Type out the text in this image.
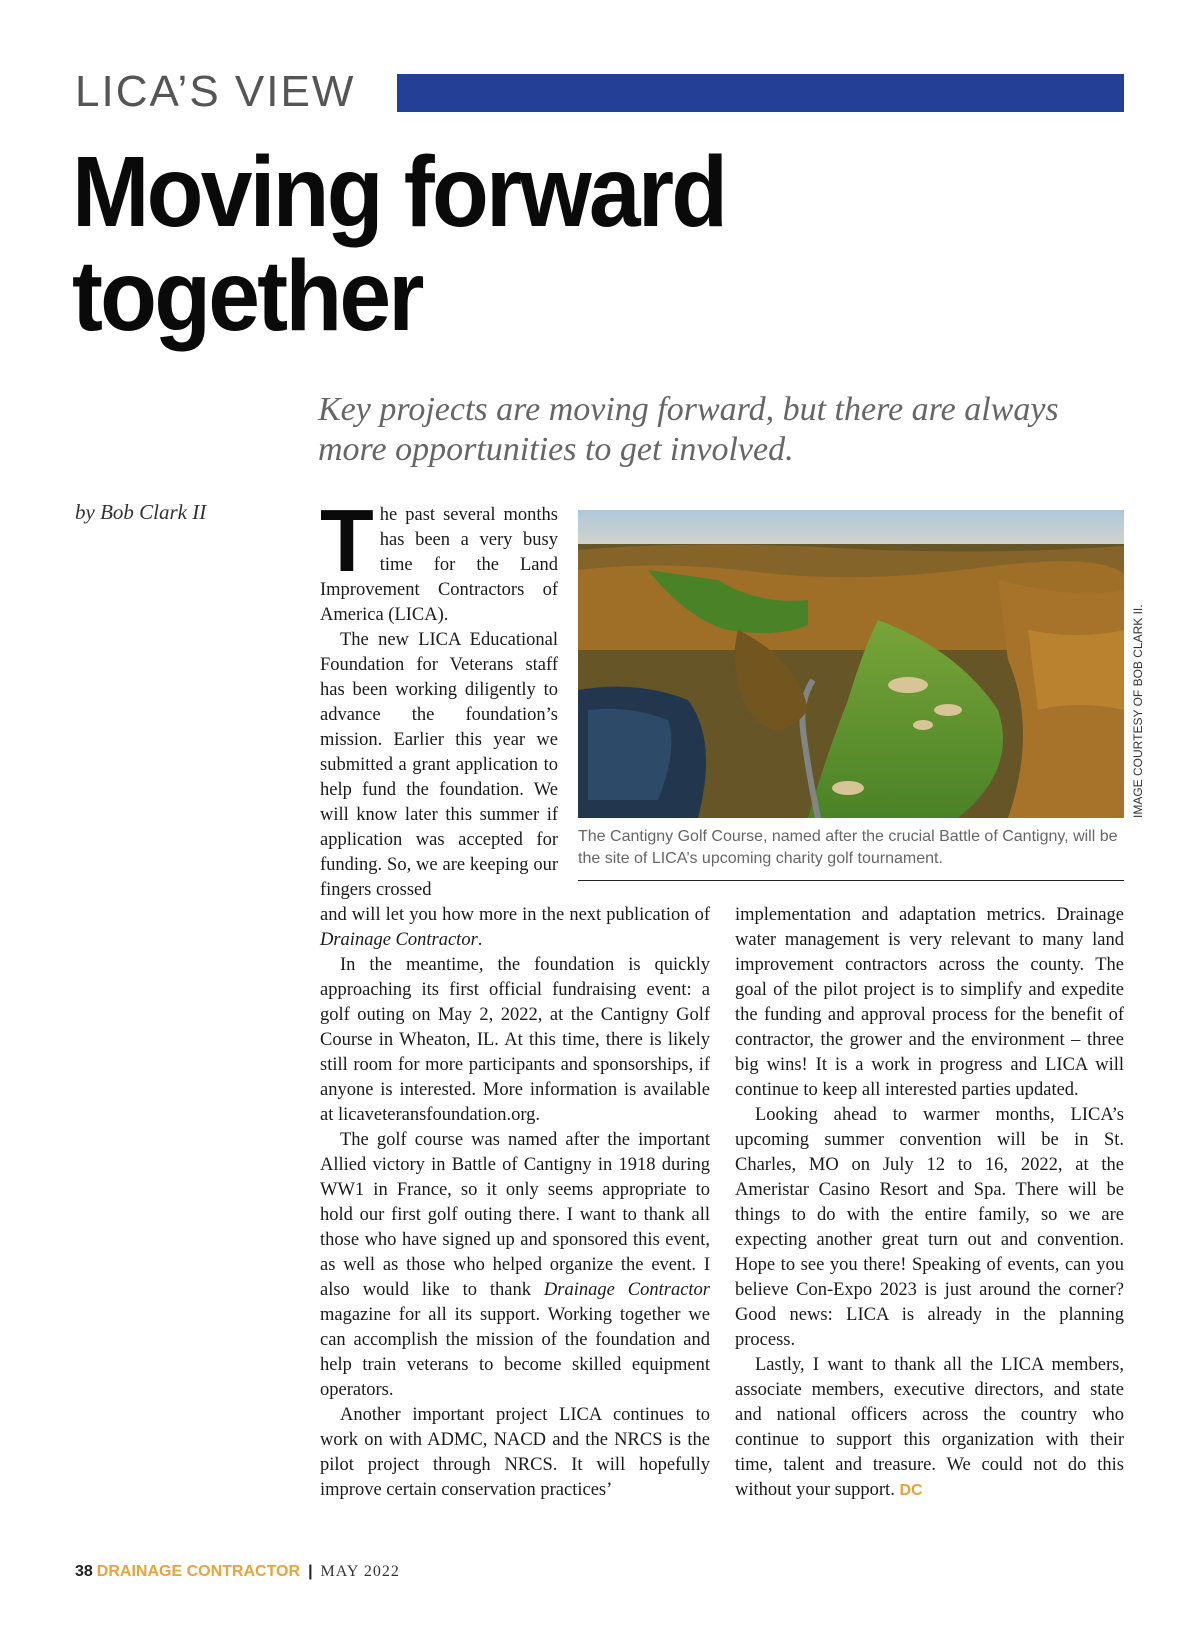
LICA’S VIEW
Moving forward
together

Key projects are moving forward, but there are always more opportunities to get involved.

by Bob Clark II The past several months has been a very busy time for the Land Improvement Contractors of America (LICA).

The new LICA Educational Foundation for Veterans staff has been working diligently to advance the foundation’s mission. Earlier this year we submitted a grant application to help fund the foundation. We will know later this summer if application was accepted for funding. So, we are keeping our fingers crossed

IMAGE COURTESY OF BOB CLARK II.
The Cantigny Golf Course, named after the crucial Battle of Cantigny, will be the site of LICA’s upcoming charity golf tournament.

and will let you how more in the next publication of Drainage Contractor.

In the meantime, the foundation is quickly approaching its first official fundraising event: a golf outing on May 2, 2022, at the Cantigny Golf Course in Wheaton, IL. At this time, there is likely still room for more participants and sponsorships, if anyone is interested. More information is available at licaveteransfoundation.org.

The golf course was named after the important Allied victory in Battle of Cantigny in 1918 during WW1 in France, so it only seems appropriate to hold our first golf outing there. I want to thank all those who have signed up and sponsored this event, as well as those who helped organize the event. I also would like to thank Drainage Contractor magazine for all its support. Working together we can accomplish the mission of the foundation and help train veterans to become skilled equipment operators.

Another important project LICA continues to work on with ADMC, NACD and the NRCS is the pilot project through NRCS. It will hopefully improve certain conservation practices’

implementation and adaptation metrics. Drainage water management is very relevant to many land improvement contractors across the county. The goal of the pilot project is to simplify and expedite the funding and approval process for the benefit of contractor, the grower and the environment – three big wins! It is a work in progress and LICA will continue to keep all interested parties updated.

Looking ahead to warmer months, LICA’s upcoming summer convention will be in St. Charles, MO on July 12 to 16, 2022, at the Ameristar Casino Resort and Spa. There will be things to do with the entire family, so we are expecting another great turn out and convention. Hope to see you there! Speaking of events, can you believe Con-Expo 2023 is just around the corner? Good news: LICA is already in the planning process.

Lastly, I want to thank all the LICA members, associate members, executive directors, and state and national officers across the country who continue to support this organization with their time, talent and treasure. We could not do this without your support. DC

38 DRAINAGE CONTRACTOR | MAY 2022
